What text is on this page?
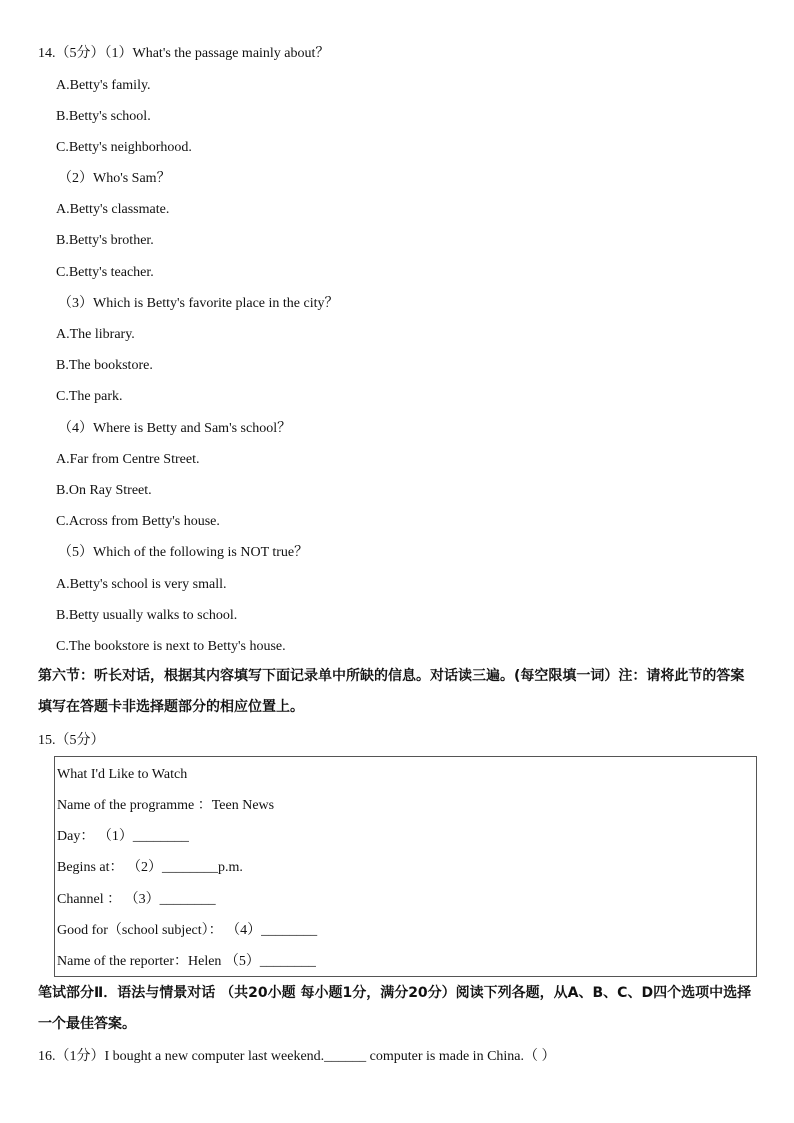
14.（5分）（1）What's the passage mainly about？
A.Betty's family.
B.Betty's school.
C.Betty's neighborhood.
（2）Who's Sam？
A.Betty's classmate.
B.Betty's brother.
C.Betty's teacher.
（3）Which is Betty's favorite place in the city？
A.The library.
B.The bookstore.
C.The park.
（4）Where is Betty and Sam's school？
A.Far from Centre Street.
B.On Ray Street.
C.Across from Betty's house.
（5）Which of the following is NOT true？
A.Betty's school is very small.
B.Betty usually walks to school.
C.The bookstore is next to Betty's house.
第六节：听长对话，根据其内容填写下面记录单中所缺的信息。对话读三遍。(每空限填一词）注：请将此节的答案填写在答题卡非选择题部分的相应位置上。
15.（5分）
What I'd Like to Watch
Name of the programme ：Teen News
Day： （1）________
Begins at： （2）________p.m.
Channel ： （3）________
Good for（school subject）： （4）________
Name of the reporter：Helen （5）________
笔试部分Ⅱ．语法与情景对话 （共20小题 每小题1分，满分20分）阅读下列各题，从A、B、C、D四个选项中选择一个最佳答案。
16.（1分）I bought a new computer last weekend.______ computer is made in China.（ ）
